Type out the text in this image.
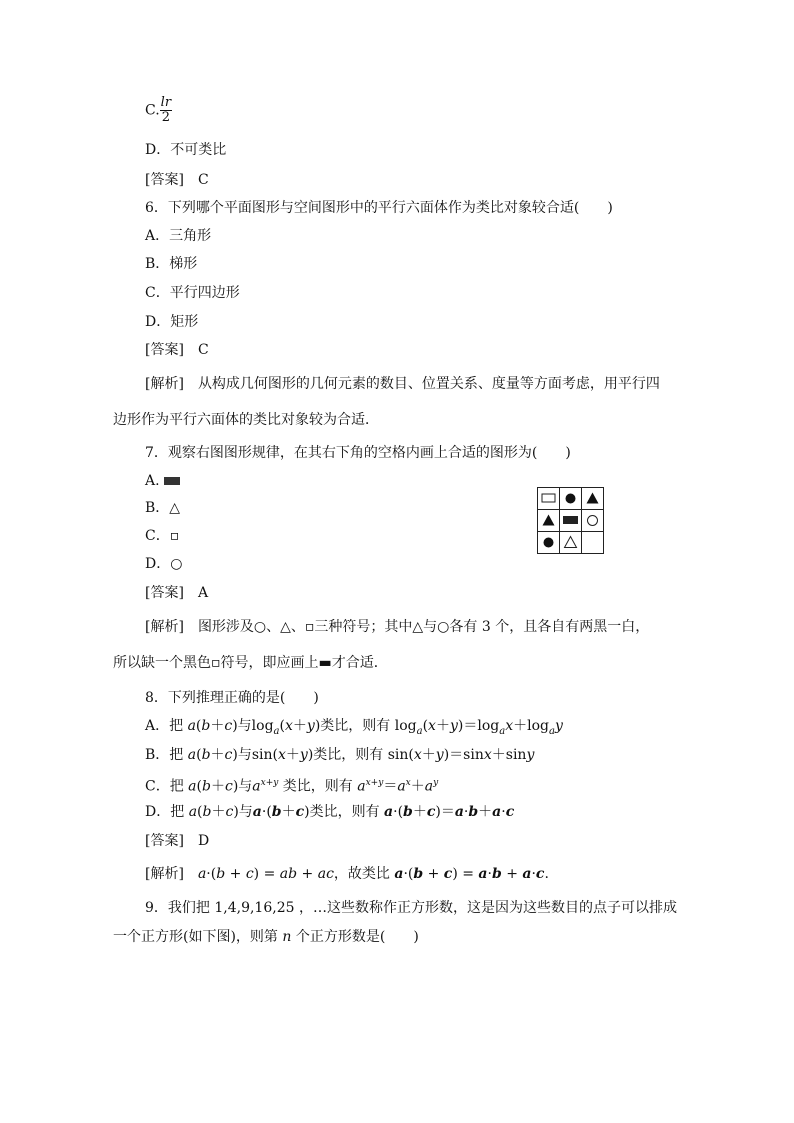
C. $\frac{lr}{2}$
D．不可类比
[答案]　 C
6．下列哪个平面图形与空间图形中的平行六面体作为类比对象较合适(　　)
A．三角形
B．梯形
C．平行四边形
D．矩形
[答案]　 C
[解析]　 从构成几何图形的几何元素的数目、位置关系、度量等方面考虑，用平行四
边形作为平行六面体的类比对象较为合适．
7．观察右图图形规律，在其右下角的空格内画上合适的图形为(　　)
A.
B．△
C．▫
D．○
[答案]　 A
[解析]　 图形涉及○、△、▫三种符号；其中△与○各有 3 个，且各自有两黑一白，
所以缺一个黑色▫符号，即应画上▬才合适．
8．下列推理正确的是(　　)
A．把 a(b＋c)与$\log_a(x+y)$类比，则有 $\log_a(x+y)=\log_ax+\log_ay$
B．把 a(b＋c)与sin(x＋y)类比，则有 sin(x＋y)＝sinx＋siny
C．把 a(b＋c)与$a^{x+y}$ 类比，则有 $a^{x+y}=a^x+a^y$
D．把 a(b＋c)与a·(b＋c)类比，则有 a·(b＋c)＝a·b＋a·c
[答案]　 D
[解析]　 a·(b + c) = ab + ac，故类比 a·(b + c) = a·b + a·c.
9．我们把 1,4,9,16,25 ，…这些数称作正方形数，这是因为这些数目的点子可以排成
一个正方形(如下图)，则第 n 个正方形数是(　　)
